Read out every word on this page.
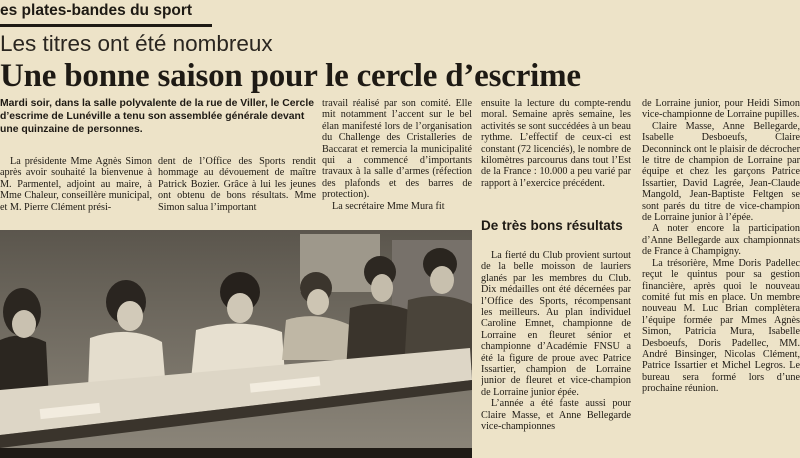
es plates-bandes du sport
Les titres ont été nombreux
Une bonne saison pour le cercle d’escrime
Mardi soir, dans la salle polyvalente de la rue de Viller, le Cercle d’escrime de Lunéville a tenu son assemblée générale devant une quinzaine de personnes.

La présidente Mme Agnès Simon après avoir souhaité la bienvenue à M. Parmentel, adjoint au maire, à Mme Chaleur, conseillère municipal, et M. Pierre Clément prési-

dent de l’Office des Sports rendit hommage au dévouement de maître Patrick Bozier. Grâce à lui les jeunes ont obtenu de bons résultats. Mme Simon salua l’important

travail réalisé par son comité. Elle mit notamment l’accent sur le bel élan manifesté lors de l’organisation du Challenge des Cristalleries de Baccarat et remercia la municipalité qui a commencé d’importants travaux à la salle d’armes (réfection des plafonds et des barres de protection).

La secrétaire Mme Mura fit

ensuite la lecture du compte-rendu moral. Semaine après semaine, les activités se sont succédées à un beau rythme. L’effectif de ceux-ci est constant (72 licenciés), le nombre de kilomètres parcourus dans tout l’Est de la France : 10.000 a peu varié par rapport à l’exercice précédent.

De très bons résultats

La fierté du Club provient surtout de la belle moisson de lauriers glanés par les membres du Club. Dix médailles ont été décernées par l’Office des Sports, récompensant les meilleurs. Au plan individuel Caroline Emnet, championne de Lorraine en fleuret sénior et championne d’Académie FNSU a été la figure de proue avec Patrice Issartier, champion de Lorraine junior de fleuret et vice-champion de Lorraine junior épée.

L’année a été faste aussi pour Claire Masse, et Anne Bellegarde vice-championnes

de Lorraine junior, pour Heidi Simon vice-championne de Lorraine pupilles.

Claire Masse, Anne Bellegarde, Isabelle Desboeufs, Claire Deconninck ont le plaisir de décrocher le titre de champion de Lorraine par équipe et chez les garçons Patrice Issartier, David Lagrée, Jean-Claude Mangold, Jean-Baptiste Feltgen se sont parés du titre de vice-champion de Lorraine junior à l’épée.

A noter encore la participation d’Anne Bellegarde aux championnats de France à Champigny.

La trésorière, Mme Doris Padellec reçut le quintus pour sa gestion financière, après quoi le nouveau comité fut mis en place. Un membre nouveau M. Luc Brian complètera l’équipe formée par Mmes Agnès Simon, Patricia Mura, Isabelle Desboeufs, Doris Padellec, MM. André Binsinger, Nicolas Clément, Patrice Issartier et Michel Legros. Le bureau sera formé lors d’une prochaine réunion.
